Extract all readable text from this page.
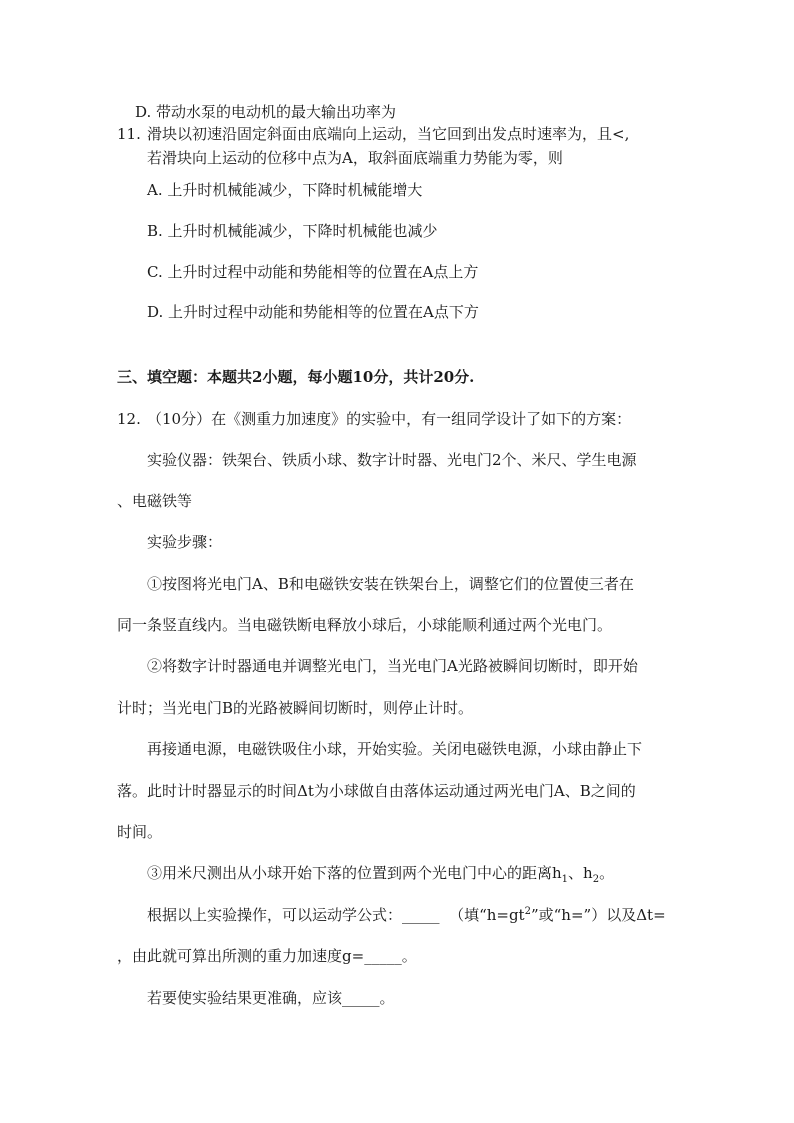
D. 带动水泵的电动机的最大输出功率为
11. 滑块以初速沿固定斜面由底端向上运动，当它回到出发点时速率为，且<,
若滑块向上运动的位移中点为A，取斜面底端重力势能为零，则
A. 上升时机械能减少，下降时机械能增大
B. 上升时机械能减少，下降时机械能也减少
C. 上升时过程中动能和势能相等的位置在A点上方
D. 上升时过程中动能和势能相等的位置在A点下方
三、填空题：本题共2小题，每小题10分，共计20分.
12. （10分）在《测重力加速度》的实验中，有一组同学设计了如下的方案：
实验仪器：铁架台、铁质小球、数字计时器、光电门2个、米尺、学生电源
、电磁铁等
实验步骤：
①按图将光电门A、B和电磁铁安装在铁架台上，调整它们的位置使三者在
同一条竖直线内。当电磁铁断电释放小球后，小球能顺利通过两个光电门。
②将数字计时器通电并调整光电门，当光电门A光路被瞬间切断时，即开始
计时；当光电门B的光路被瞬间切断时，则停止计时。
再接通电源，电磁铁吸住小球，开始实验。关闭电磁铁电源，小球由静止下
落。此时计时器显示的时间Δt为小球做自由落体运动通过两光电门A、B之间的
时间。
③用米尺测出从小球开始下落的位置到两个光电门中心的距离$h_1$、$h_2$。
根据以上实验操作，可以运动学公式：_____ （填“$h=gt^2$”或“h=”）以及Δt=
，由此就可算出所测的重力加速度g=_____。
若要使实验结果更准确，应该_____。
